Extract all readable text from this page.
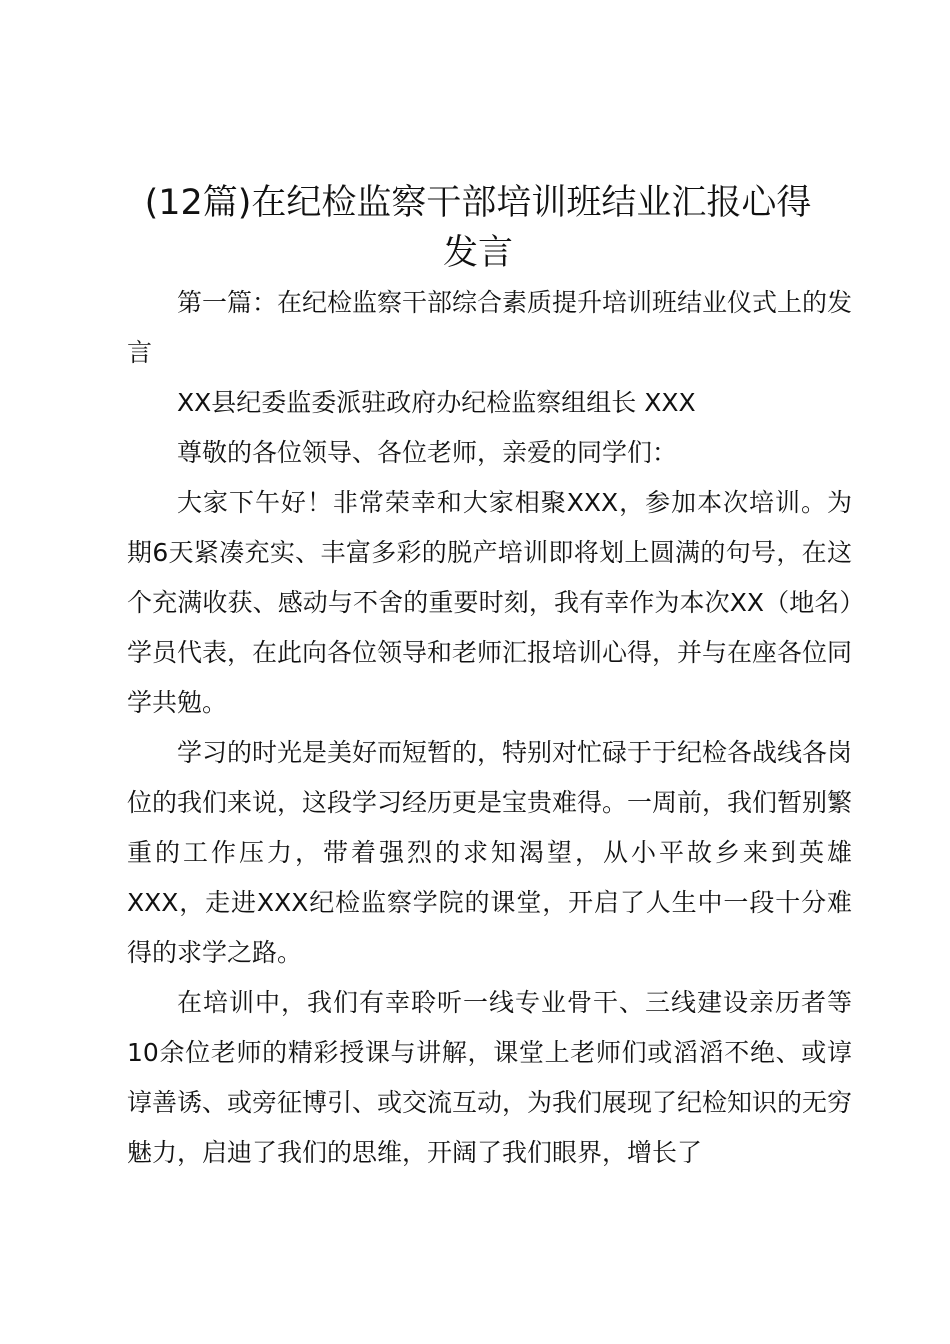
(12篇)在纪检监察干部培训班结业汇报心得
发言

第一篇：在纪检监察干部综合素质提升培训班结业仪式上的发言

XX县纪委监委派驻政府办纪检监察组组长 XXX

尊敬的各位领导、各位老师，亲爱的同学们：

大家下午好！非常荣幸和大家相聚XXX，参加本次培训。为期6天紧凑充实、丰富多彩的脱产培训即将划上圆满的句号，在这个充满收获、感动与不舍的重要时刻，我有幸作为本次XX（地名）学员代表，在此向各位领导和老师汇报培训心得，并与在座各位同学共勉。

学习的时光是美好而短暂的，特别对忙碌于于纪检各战线各岗位的我们来说，这段学习经历更是宝贵难得。一周前，我们暂别繁重的工作压力，带着强烈的求知渴望，从小平故乡来到英雄XXX，走进XXX纪检监察学院的课堂，开启了人生中一段十分难得的求学之路。

在培训中，我们有幸聆听一线专业骨干、三线建设亲历者等10余位老师的精彩授课与讲解，课堂上老师们或滔滔不绝、或谆谆善诱、或旁征博引、或交流互动，为我们展现了纪检知识的无穷魅力，启迪了我们的思维，开阔了我们眼界，增长了
